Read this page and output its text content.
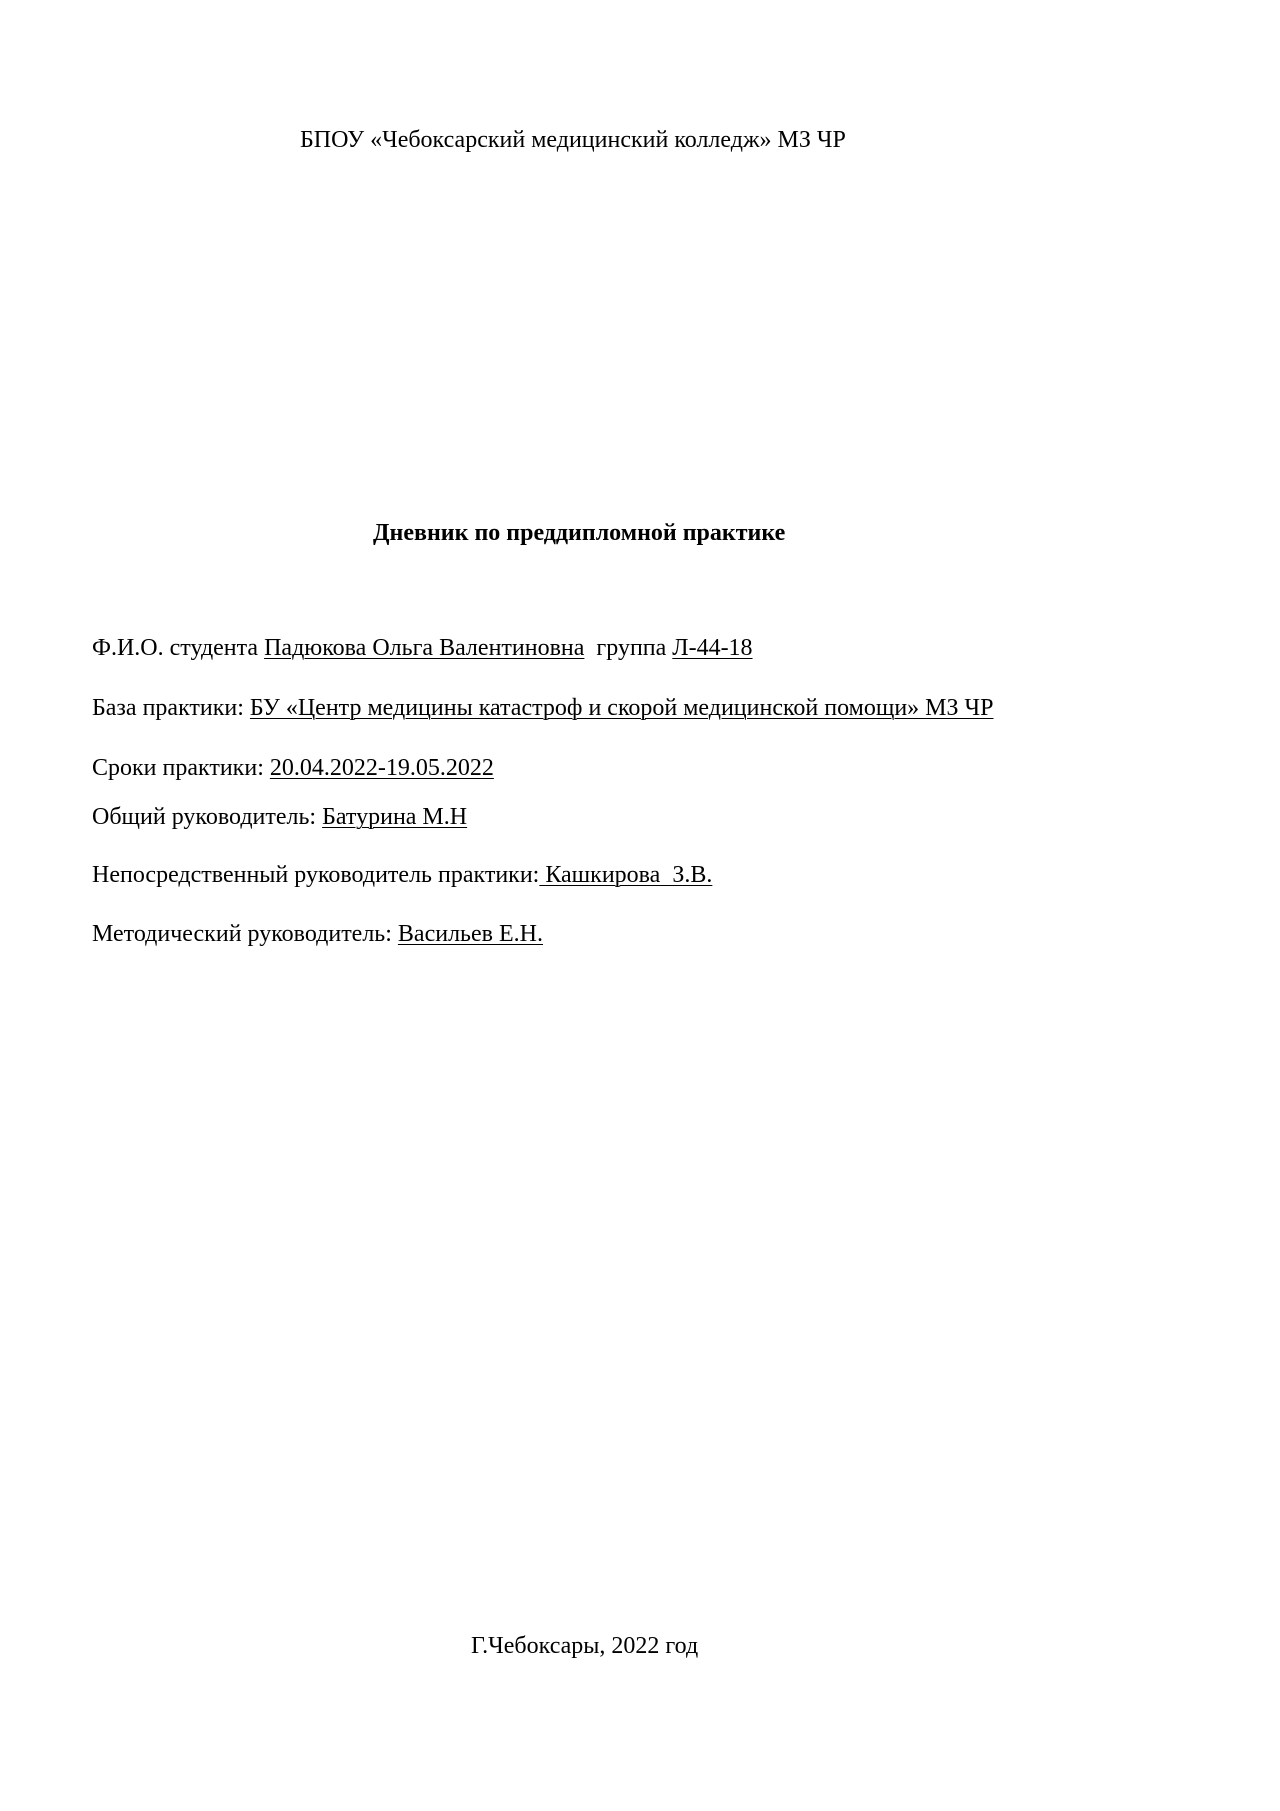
БПОУ «Чебоксарский медицинский колледж» МЗ ЧР
Дневник по преддипломной практике
Ф.И.О. студента Падюкова Ольга Валентиновна  группа Л-44-18
База практики: БУ «Центр медицины катастроф и скорой медицинской помощи» МЗ ЧР
Сроки практики: 20.04.2022-19.05.2022
Общий руководитель: Батурина М.Н
Непосредственный руководитель практики: Кашкирова  З.В.
Методический руководитель: Васильев Е.Н.
Г.Чебоксары, 2022 год
